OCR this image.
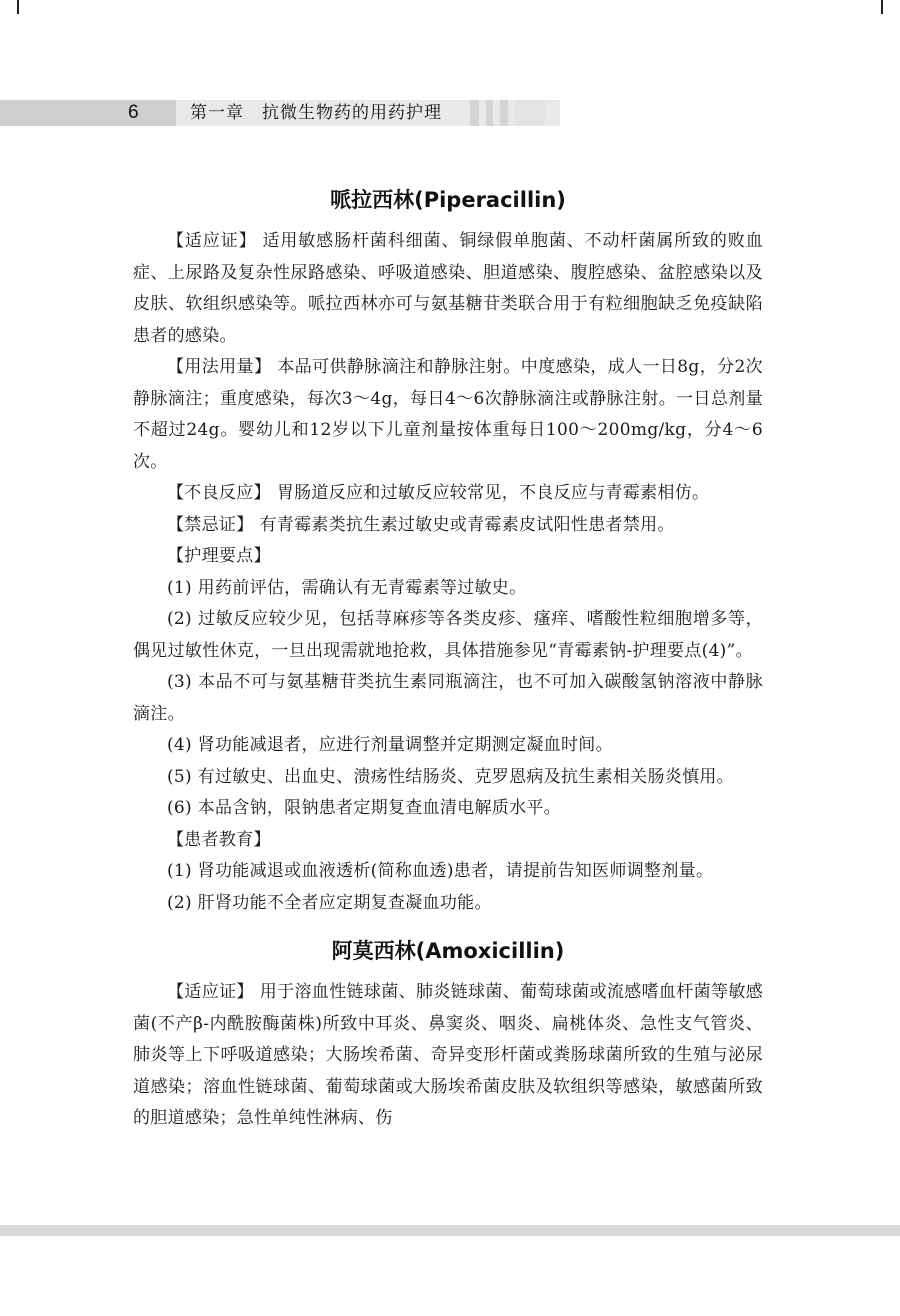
6	第一章　抗微生物药的用药护理
哌拉西林(Piperacillin)

【适应证】 适用敏感肠杆菌科细菌、铜绿假单胞菌、不动杆菌属所致的败血症、上尿路及复杂性尿路感染、呼吸道感染、胆道感染、腹腔感染、盆腔感染以及皮肤、软组织感染等。哌拉西林亦可与氨基糖苷类联合用于有粒细胞缺乏免疫缺陷患者的感染。

【用法用量】 本品可供静脉滴注和静脉注射。中度感染，成人一日8g，分2次静脉滴注；重度感染，每次3～4g，每日4～6次静脉滴注或静脉注射。一日总剂量不超过24g。婴幼儿和12岁以下儿童剂量按体重每日100～200mg/kg，分4～6次。

【不良反应】 胃肠道反应和过敏反应较常见，不良反应与青霉素相仿。

【禁忌证】 有青霉素类抗生素过敏史或青霉素皮试阳性患者禁用。

【护理要点】

(1) 用药前评估，需确认有无青霉素等过敏史。

(2) 过敏反应较少见，包括荨麻疹等各类皮疹、瘙痒、嗜酸性粒细胞增多等，偶见过敏性休克，一旦出现需就地抢救，具体措施参见“青霉素钠-护理要点(4)”。

(3) 本品不可与氨基糖苷类抗生素同瓶滴注，也不可加入碳酸氢钠溶液中静脉滴注。

(4) 肾功能减退者，应进行剂量调整并定期测定凝血时间。

(5) 有过敏史、出血史、溃疡性结肠炎、克罗恩病及抗生素相关肠炎慎用。

(6) 本品含钠，限钠患者定期复查血清电解质水平。

【患者教育】

(1) 肾功能减退或血液透析(简称血透)患者，请提前告知医师调整剂量。

(2) 肝肾功能不全者应定期复查凝血功能。

阿莫西林(Amoxicillin)

【适应证】 用于溶血性链球菌、肺炎链球菌、葡萄球菌或流感嗜血杆菌等敏感菌(不产β-内酰胺酶菌株)所致中耳炎、鼻窦炎、咽炎、扁桃体炎、急性支气管炎、肺炎等上下呼吸道感染；大肠埃希菌、奇异变形杆菌或粪肠球菌所致的生殖与泌尿道感染；溶血性链球菌、葡萄球菌或大肠埃希菌皮肤及软组织等感染，敏感菌所致的胆道感染；急性单纯性淋病、伤
